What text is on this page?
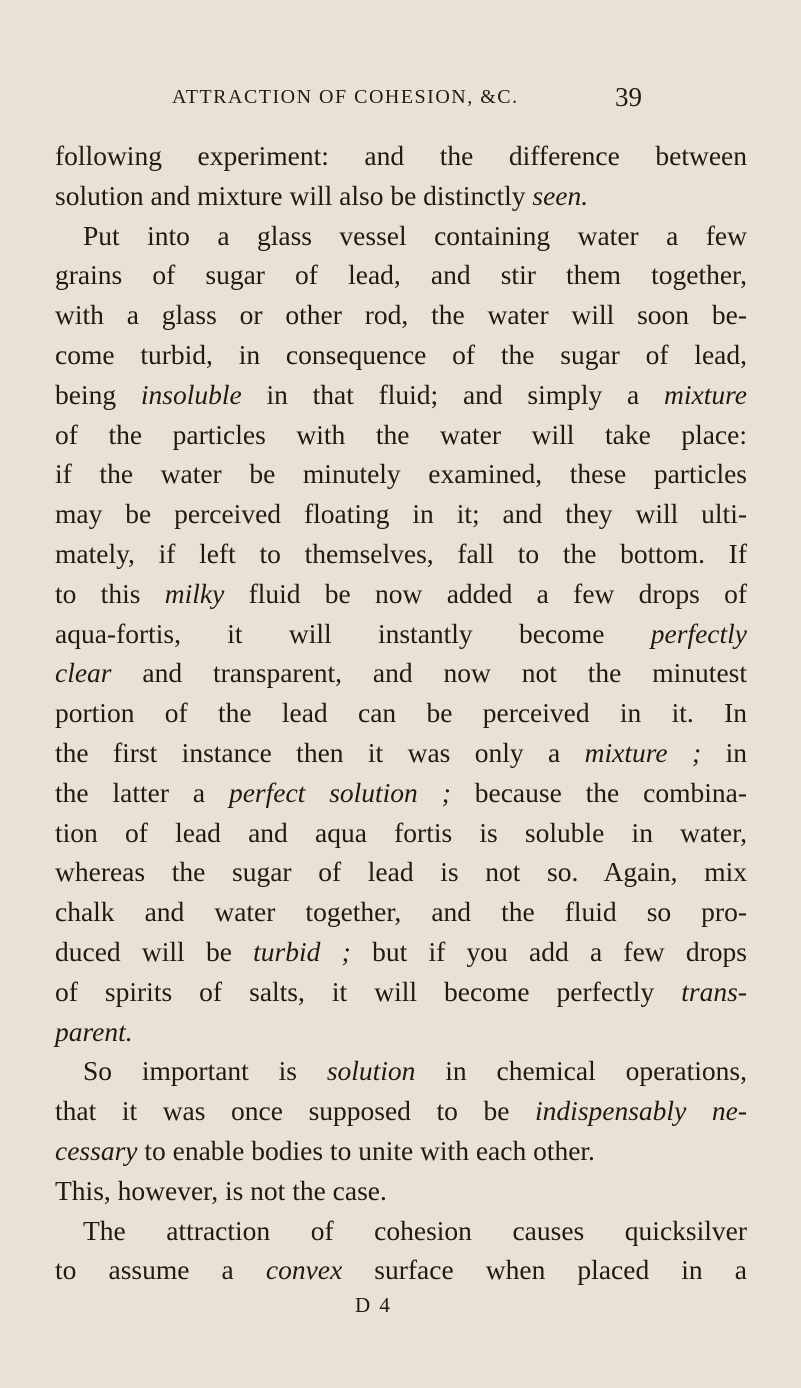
ATTRACTION OF COHESION, &C.	39
following experiment: and the difference between
solution and mixture will also be distinctly seen.
Put into a glass vessel containing water a few
grains of sugar of lead, and stir them together,
with a glass or other rod, the water will soon be-
come turbid, in consequence of the sugar of lead,
being insoluble in that fluid; and simply a mixture
of the particles with the water will take place:
if the water be minutely examined, these particles
may be perceived floating in it; and they will ulti-
mately, if left to themselves, fall to the bottom. If
to this milky fluid be now added a few drops of
aqua-fortis, it will instantly become perfectly
clear and transparent, and now not the minutest
portion of the lead can be perceived in it. In
the first instance then it was only a mixture ; in
the latter a perfect solution ; because the combina-
tion of lead and aqua fortis is soluble in water,
whereas the sugar of lead is not so. Again, mix
chalk and water together, and the fluid so pro-
duced will be turbid ; but if you add a few drops
of spirits of salts, it will become perfectly trans-
parent.
So important is solution in chemical operations,
that it was once supposed to be indispensably ne-
cessary to enable bodies to unite with each other.
This, however, is not the case.
The attraction of cohesion causes quicksilver
to assume a convex surface when placed in a
D 4
